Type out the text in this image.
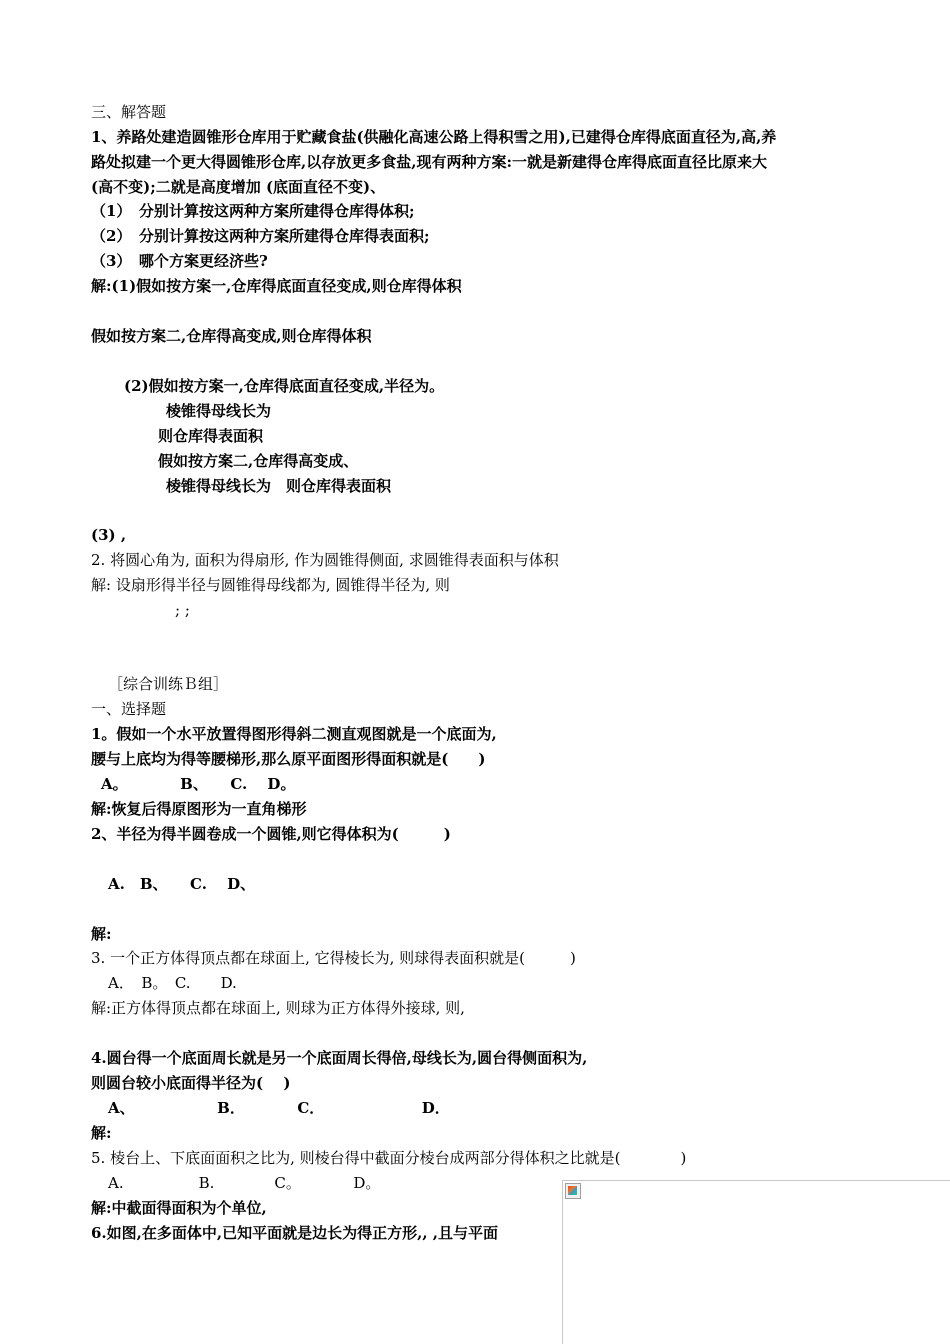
三、解答题
1、养路处建造圆锥形仓库用于贮藏食盐(供融化高速公路上得积雪之用),已建得仓库得底面直径为,高,养
路处拟建一个更大得圆锥形仓库,以存放更多食盐,现有两种方案:一就是新建得仓库得底面直径比原来大
(高不变);二就是高度增加 (底面直径不变)、
（1）　分别计算按这两种方案所建得仓库得体积;
（2）　分别计算按这两种方案所建得仓库得表面积;
（3）　哪个方案更经济些?
解:(1)假如按方案一,仓库得底面直径变成,则仓库得体积
假如按方案二,仓库得高变成,则仓库得体积
(2)假如按方案一,仓库得底面直径变成,半径为。
棱锥得母线长为
则仓库得表面积
假如按方案二,仓库得高变成、
棱锥得母线长为　则仓库得表面积
(3) ,
2. 将圆心角为, 面积为得扇形, 作为圆锥得侧面, 求圆锥得表面积与体积
解: 设扇形得半径与圆锥得母线都为, 圆锥得半径为, 则
; ;
［综合训练Ｂ组］
一、选择题
1。假如一个水平放置得图形得斜二测直观图就是一个底面为,
腰与上底均为得等腰梯形,那么原平面图形得面积就是(　　)
A。　　　　B、　　C.　 D。
解:恢复后得原图形为一直角梯形
2、半径为得半圆卷成一个圆锥,则它得体积为(　　　)
A.　B、　　C.　 D、
解:
3. 一个正方体得顶点都在球面上, 它得棱长为, 则球得表面积就是(　　　)
A．　B。　C.　　D.
解:正方体得顶点都在球面上, 则球为正方体得外接球, 则,
4.圆台得一个底面周长就是另一个底面周长得倍,母线长为,圆台得侧面积为,
则圆台较小底面得半径为(　 )
A、　　　　　　B．　　　　C．　　　　　　　D．
解:
5. 棱台上、下底面面积之比为, 则棱台得中截面分棱台成两部分得体积之比就是(　　　　)
A.　　　　　B.　　　　C。　　　　D。
解:中截面得面积为个单位,
6.如图,在多面体中,已知平面就是边长为得正方形,, ,且与平面
